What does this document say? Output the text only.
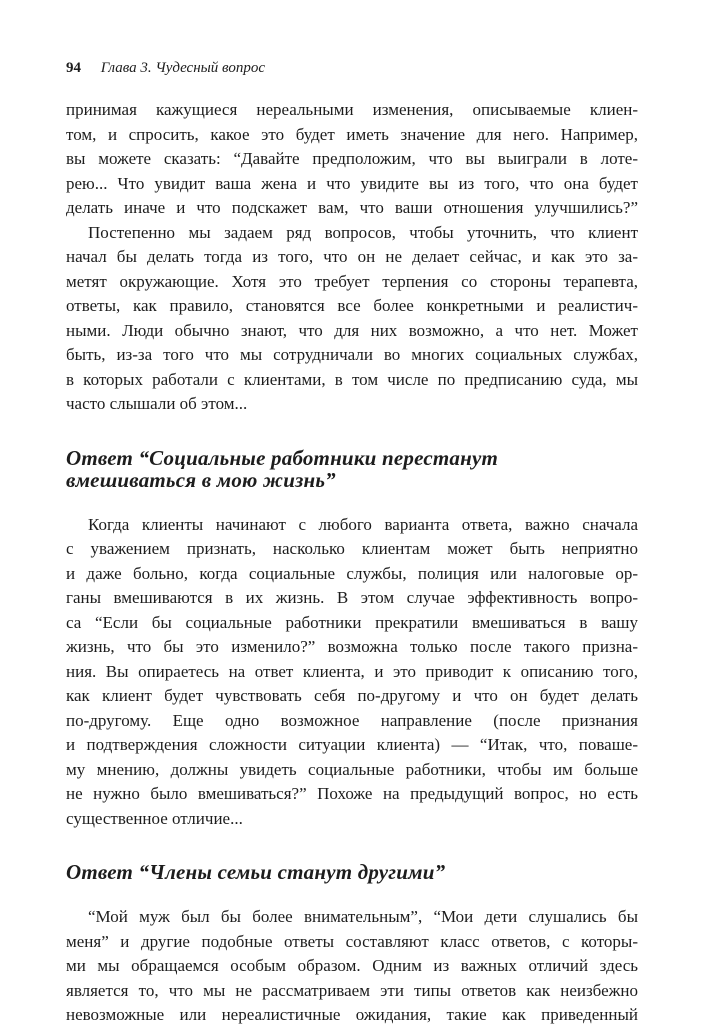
94 Глава 3. Чудесный вопрос

принимая кажущиеся нереальными изменения, описываемые клиен-
том, и спросить, какое это будет иметь значение для него. Например,
вы можете сказать: “Давайте предположим, что вы выиграли в лоте-
рею... Что увидит ваша жена и что увидите вы из того, что она будет
делать иначе и что подскажет вам, что ваши отношения улучшились?”

Постепенно мы задаем ряд вопросов, чтобы уточнить, что клиент
начал бы делать тогда из того, что он не делает сейчас, и как это за-
метят окружающие. Хотя это требует терпения со стороны терапевта,
ответы, как правило, становятся все более конкретными и реалистич-
ными. Люди обычно знают, что для них возможно, а что нет. Может
быть, из-за того что мы сотрудничали во многих социальных службах,
в которых работали с клиентами, в том числе по предписанию суда, мы
часто слышали об этом...

Ответ “Социальные работники перестанут
вмешиваться в мою жизнь”

Когда клиенты начинают с любого варианта ответа, важно сначала
с уважением признать, насколько клиентам может быть неприятно
и даже больно, когда социальные службы, полиция или налоговые ор-
ганы вмешиваются в их жизнь. В этом случае эффективность вопро-
са “Если бы социальные работники прекратили вмешиваться в вашу
жизнь, что бы это изменило?” возможна только после такого призна-
ния. Вы опираетесь на ответ клиента, и это приводит к описанию того,
как клиент будет чувствовать себя по-другому и что он будет делать
по-другому. Еще одно возможное направление (после признания
и подтверждения сложности ситуации клиента) — “Итак, что, поваше-
му мнению, должны увидеть социальные работники, чтобы им больше
не нужно было вмешиваться?” Похоже на предыдущий вопрос, но есть
существенное отличие...

Ответ “Члены семьи станут другими”

“Мой муж был бы более внимательным”, “Мои дети слушались бы
меня” и другие подобные ответы составляют класс ответов, с которы-
ми мы обращаемся особым образом. Одним из важных отличий здесь
является то, что мы не рассматриваем эти типы ответов как неизбежно
невозможные или нереалистичные ожидания, такие как приведенный
